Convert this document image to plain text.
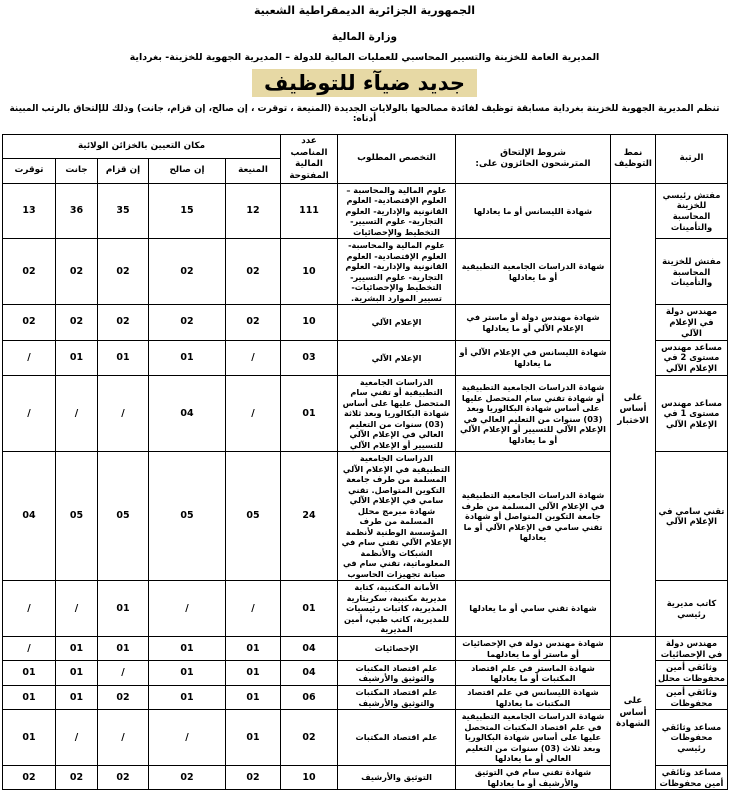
الجمهورية الجزائرية الديمقراطية الشعبية
وزارة المالية
المديرية العامة للخزينة والتسيير المحاسبي للعمليات المالية للدولة – المديرية الجهوية للخزينة- بغرداية
جديد ضيآء للتوظيف
تنظم المديرية الجهوية للخزينة بغرداية مسابقة توظيف لفائدة مصالحها بالولايات الجديدة (المنيعة ، توقرت ، إن صالح، إن قزام، جانت) وذلك للإلتحاق بالرتب المبينة أدناه:
الرتبة	نمط التوظيف	شروط الإلتحاق
المترشحون الحائزون على:	التخصص المطلوب	عدد المناصب المالية المفتوحة	مكان التعيين بالخزائن الولائية				
					المنيعة	إن صالح	إن قزام	جانت	توقرت
مفتش رئيسي للخزينة المحاسبة والتأمينات	على أساس الاختبار	شهادة الليسانس أو ما يعادلها	علوم المالية والمحاسبة – العلوم الإقتصادية- العلوم القانونية والإدارية- العلوم التجارية- علوم التسيير- التخطيط والإحصائيات	111	12	15	35	36	13
مفتش للخزينة المحاسبة والتأمينات		شهادة الدراسات الجامعية التطبيقية أو ما يعادلها	علوم المالية والمحاسبة- العلوم الإقتصادية- العلوم القانونية والإدارية- العلوم التجارية- علوم التسيير- التخطيط والإحصائيات- تسيير الموارد البشرية.	10	02	02	02	02	02
مهندس دولة في الإعلام الآلي		شهادة مهندس دولة أو ماستر في الإعلام الآلي أو ما يعادلها	الإعلام الآلي	10	02	02	02	02	02
مساعد مهندس مستوى 2 في الإعلام الآلي		شهادة الليسانس في الإعلام الآلي أو ما يعادلها	الإعلام الآلي	03	/	01	01	01	/
مساعد مهندس مستوى 1 في الإعلام الآلي		شهادة الدراسات الجامعية التطبيقية أو شهادة تقني سام المتحصل عليها على أساس شهادة البكالوريا وبعد (03) سنوات من التعليم العالي في الإعلام الآلي للتسيير أو الإعلام الآلي أو ما يعادلها	الدراسات الجامعية التطبيقية أو تقني سام المتحصل عليها على أساس شهادة البكالوريا وبعد ثلاثة (03) سنوات من التعليم العالي في الإعلام الآلي للتسيير أو الإعلام الآلي	01	/	04	/	/	/
تقني سامي في الإعلام الآلي		شهادة الدراسات الجامعية التطبيقية في الإعلام الآلي المسلمة من طرف جامعة التكوين المتواصل أو شهادة تقني سامي في الإعلام الآلي أو ما يعادلها	الدراسات الجامعية التطبيقية في الإعلام الآلي المسلمة من طرف جامعة التكوين المتواصل. تقني سامي في الإعلام الآلي شهادة مبرمج محلل المسلمة من طرف المؤسسة الوطنية لأنظمة الإعلام الآلي تقني سام في الشبكات والأنظمة المعلوماتية، تقني سام في صيانة تجهيزات الحاسوب	24	05	05	05	05	04
كاتب مديرية رئيسي		شهادة تقني سامي أو ما يعادلها	الأمانة المكتبية، كتابة مديرية مكتبية، سكريتارية المديرية، كاتبات رئيسيات للمديرية، كاتب طبي، أمين المديرية	01	/	/	01	/	/
مهندس دولة في الإحصائيات	على أساس الشهادة	شهادة مهندس دولة في الإحصائيات أو ماستر أو ما يعادلهما	الإحصائيات	04	01	01	01	01	/
وثائقي أمين محفوظات محلل		شهادة الماستر في علم اقتصاد المكتبات أو ما يعادلها	علم اقتصاد المكتبات والتوثيق والأرشيف	04	01	01	/	01	01
وثائقي أمين محفوظات		شهادة الليسانس في علم اقتصاد المكتبات ما يعادلها	علم اقتصاد المكتبات والتوثيق والأرشيف	06	01	01	02	01	01
مساعد وثائقي محفوظات رئيسي		شهادة الدراسات الجامعية التطبيقية في علم اقتصاد المكتبات المتحصل عليها على أساس شهادة البكالوريا وبعد ثلاث (03) سنوات من التعليم العالي أو ما يعادلها	علم اقتصاد المكتبات	02	01	/	/	/	01
مساعد وثائقي أمين محفوظات		شهادة تقني سام في التوثيق والأرشيف أو ما يعادلها	التوثيق والأرشيف	10	02	02	02	02	02
